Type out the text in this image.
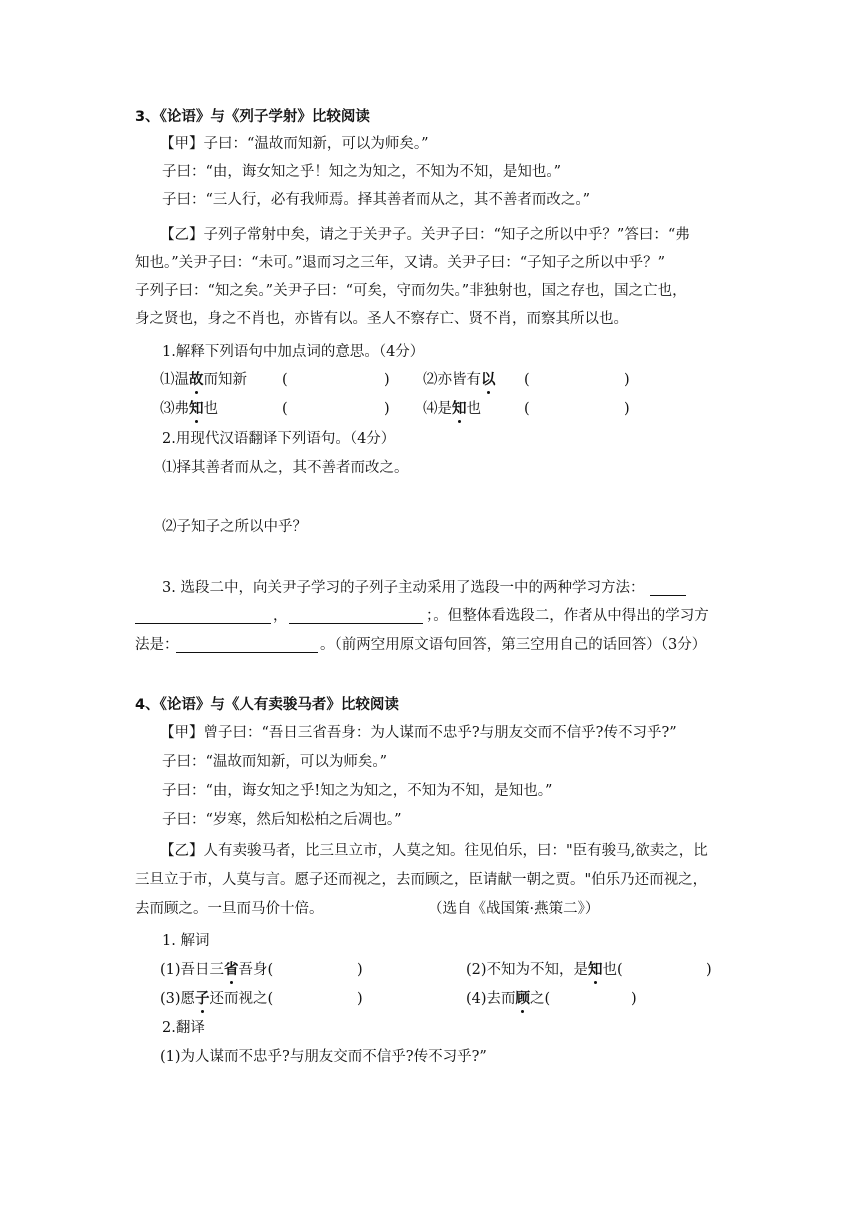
3、《论语》与《列子学射》比较阅读
【甲】子曰：“温故而知新，可以为师矣。”
子曰：“由，诲女知之乎！知之为知之，不知为不知，是知也。”
子曰：“三人行，必有我师焉。择其善者而从之，其不善者而改之。”
【乙】子列子常射中矣，请之于关尹子。关尹子曰：“知子之所以中乎？”答曰：“弗
知也。”关尹子曰：“未可。”退而习之三年，又请。关尹子曰：“子知子之所以中乎？”
子列子曰：“知之矣。”关尹子曰：“可矣，守而勿失。”非独射也，国之存也，国之亡也，
身之贤也，身之不肖也，亦皆有以。圣人不察存亡、贤不肖，而察其所以也。
1.解释下列语句中加点词的意思。（4分）
⑴温故而知新 (	) ⑵亦皆有以 (	)
⑶弗知也	(	) ⑷是知也	(	)
2.用现代汉语翻译下列语句。（4分）
⑴择其善者而从之，其不善者而改之。
⑵子知子之所以中乎？
3. 选段二中，向关尹子学习的子列子主动采用了选段一中的两种学习方法：
，	；。但整体看选段二，作者从中得出的学习方
法是：	。（前两空用原文语句回答，第三空用自己的话回答）（3分）
4、《论语》与《人有卖骏马者》比较阅读
【甲】曾子曰：“吾日三省吾身：为人谋而不忠乎?与朋友交而不信乎?传不习乎?”
子曰：“温故而知新，可以为师矣。”
子曰：“由，诲女知之乎!知之为知之，不知为不知，是知也。”
子曰：“岁寒，然后知松柏之后凋也。”
【乙】人有卖骏马者，比三旦立市，人莫之知。往见伯乐，曰："臣有骏马,欲卖之，比
三旦立于市，人莫与言。愿子还而视之，去而顾之，臣请献一朝之贾。"伯乐乃还而视之，
去而顾之。一旦而马价十倍。	（选自《战国策·燕策二》）
1. 解词
(1)吾日三省吾身(	)	(2)不知为不知，是知也(	)
(3)愿子还而视之(	)	(4)去而顾之(	)
2.翻译
(1)为人谋而不忠乎?与朋友交而不信乎?传不习乎?”
